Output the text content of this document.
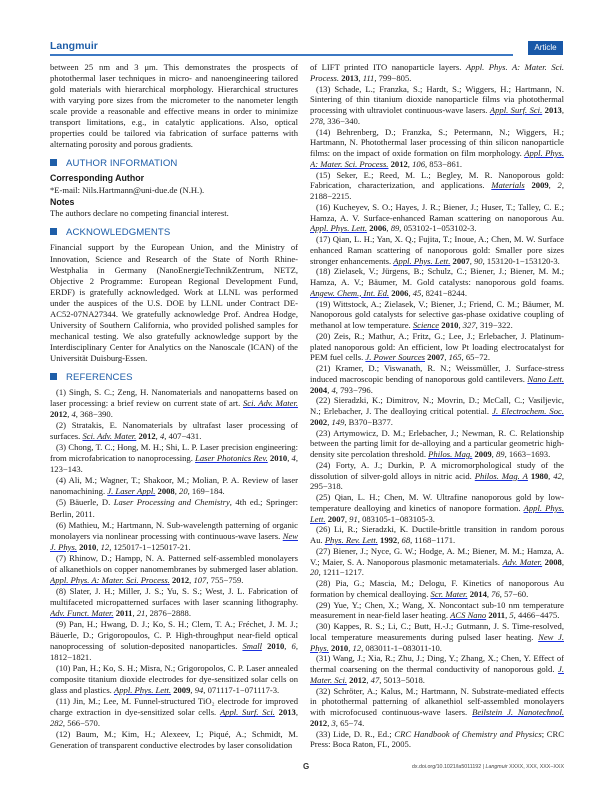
Langmuir	Article

between 25 nm and 3 μm. This demonstrates the prospects of photothermal laser techniques in micro- and nanoengineering tailored gold materials with hierarchical morphology. Hierarchical structures with varying pore sizes from the micrometer to the nanometer length scale provide a reasonable and effective means in order to minimize transport limitations, e.g., in catalytic applications. Also, optical properties could be tailored via fabrication of surface patterns with alternating porosity and porous gradients.

AUTHOR INFORMATION
Corresponding Author

*E-mail: Nils.Hartmann@uni-due.de (N.H.).

Notes

The authors declare no competing financial interest.

ACKNOWLEDGMENTS

Financial support by the European Union, and the Ministry of Innovation, Science and Research of the State of North Rhine-Westphalia in Germany (NanoEnergieTechnikZentrum, NETZ, Objective 2 Programme: European Regional Development Fund, ERDF) is gratefully acknowledged. Work at LLNL was performed under the auspices of the U.S. DOE by LLNL under Contract DE-AC52-07NA27344. We gratefully acknowledge Prof. Andrea Hodge, University of Southern California, who provided polished samples for mechanical testing. We also gratefully acknowledge support by the Interdisciplinary Center for Analytics on the Nanoscale (ICAN) of the Universität Duisburg-Essen.

REFERENCES

(1) Singh, S. C.; Zeng, H. Nanomaterials and nanopatterns based on laser processing: a brief review on current state of art. Sci. Adv. Mater. 2012, 4, 368−390.

(2) Stratakis, E. Nanomaterials by ultrafast laser processing of surfaces. Sci. Adv. Mater. 2012, 4, 407−431.

(3) Chong, T. C.; Hong, M. H.; Shi, L. P. Laser precision engineering: from microfabrication to nanoprocessing. Laser Photonics Rev. 2010, 4, 123−143.

(4) Ali, M.; Wagner, T.; Shakoor, M.; Molian, P. A. Review of laser nanomachining. J. Laser Appl. 2008, 20, 169−184.

(5) Bäuerle, D. Laser Processing and Chemistry, 4th ed.; Springer: Berlin, 2011.

(6) Mathieu, M.; Hartmann, N. Sub-wavelength patterning of organic monolayers via nonlinear processing with continuous-wave lasers. New J. Phys. 2010, 12, 125017-1−125017-21.

(7) Rhinow, D.; Hampp, N. A. Patterned self-assembled monolayers of alkanethiols on copper nanomembranes by submerged laser ablation. Appl. Phys. A: Mater. Sci. Process. 2012, 107, 755−759.

(8) Slater, J. H.; Miller, J. S.; Yu, S. S.; West, J. L. Fabrication of multifaceted micropatterned surfaces with laser scanning lithography. Adv. Funct. Mater. 2011, 21, 2876−2888.

(9) Pan, H.; Hwang, D. J.; Ko, S. H.; Clem, T. A.; Fréchet, J. M. J.; Bäuerle, D.; Grigoropoulos, C. P. High-throughput near-field optical nanoprocessing of solution-deposited nanoparticles. Small 2010, 6, 1812−1821.

(10) Pan, H.; Ko, S. H.; Misra, N.; Grigoropolos, C. P. Laser annealed composite titanium dioxide electrodes for dye-sensitized solar cells on glass and plastics. Appl. Phys. Lett. 2009, 94, 071117-1−071117-3.

(11) Jin, M.; Lee, M. Funnel-structured TiO₂ electrode for improved charge extraction in dye-sensitized solar cells. Appl. Surf. Sci. 2013, 282, 566−570.

(12) Baum, M.; Kim, H.; Alexeev, I.; Piqué, A.; Schmidt, M. Generation of transparent conductive electrodes by laser consolidation

of LIFT printed ITO nanoparticle layers. Appl. Phys. A: Mater. Sci. Process. 2013, 111, 799−805.

(13) Schade, L.; Franzka, S.; Hardt, S.; Wiggers, H.; Hartmann, N. Sintering of thin titanium dioxide nanoparticle films via photothermal processing with ultraviolet continuous-wave lasers. Appl. Surf. Sci. 2013, 278, 336−340.

(14) Behrenberg, D.; Franzka, S.; Petermann, N.; Wiggers, H.; Hartmann, N. Photothermal laser processing of thin silicon nanoparticle films: on the impact of oxide formation on film morphology. Appl. Phys. A: Mater. Sci. Process. 2012, 106, 853−861.

(15) Seker, E.; Reed, M. L.; Begley, M. R. Nanoporous gold: Fabrication, characterization, and applications. Materials 2009, 2, 2188−2215.

(16) Kucheyev, S. O.; Hayes, J. R.; Biener, J.; Huser, T.; Talley, C. E.; Hamza, A. V. Surface-enhanced Raman scattering on nanoporous Au. Appl. Phys. Lett. 2006, 89, 053102-1−053102-3.

(17) Qian, L. H.; Yan, X. Q.; Fujita, T.; Inoue, A.; Chen, M. W. Surface enhanced Raman scattering of nanoporous gold: Smaller pore sizes stronger enhancements. Appl. Phys. Lett. 2007, 90, 153120-1−153120-3.

(18) Zielasek, V.; Jürgens, B.; Schulz, C.; Biener, J.; Biener, M. M.; Hamza, A. V.; Bäumer, M. Gold catalysts: nanoporous gold foams. Angew. Chem., Int. Ed. 2006, 45, 8241−8244.

(19) Wittstock, A.; Zielasek, V.; Biener, J.; Friend, C. M.; Bäumer, M. Nanoporous gold catalysts for selective gas-phase oxidative coupling of methanol at low temperature. Science 2010, 327, 319−322.

(20) Zeis, R.; Mathur, A.; Fritz, G.; Lee, J.; Erlebacher, J. Platinum-plated nanoporous gold: An efficient, low Pt loading electrocatalyst for PEM fuel cells. J. Power Sources 2007, 165, 65−72.

(21) Kramer, D.; Viswanath, R. N.; Weissmüller, J. Surface-stress induced macroscopic bending of nanoporous gold cantilevers. Nano Lett. 2004, 4, 793−796.

(22) Sieradzki, K.; Dimitrov, N.; Movrin, D.; McCall, C.; Vasiljevic, N.; Erlebacher, J. The dealloying critical potential. J. Electrochem. Soc. 2002, 149, B370−B377.

(23) Artymowicz, D. M.; Erlebacher, J.; Newman, R. C. Relationship between the parting limit for de-alloying and a particular geometric high-density site percolation threshold. Philos. Mag. 2009, 89, 1663−1693.

(24) Forty, A. J.; Durkin, P. A micromorphological study of the dissolution of silver-gold alloys in nitric acid. Philos. Mag. A 1980, 42, 295−318.

(25) Qian, L. H.; Chen, M. W. Ultrafine nanoporous gold by low-temperature dealloying and kinetics of nanopore formation. Appl. Phys. Lett. 2007, 91, 083105-1−083105-3.

(26) Li, R.; Sieradzki, K. Ductile-brittle transition in random porous Au. Phys. Rev. Lett. 1992, 68, 1168−1171.

(27) Biener, J.; Nyce, G. W.; Hodge, A. M.; Biener, M. M.; Hamza, A. V.; Maier, S. A. Nanoporous plasmonic metamaterials. Adv. Mater. 2008, 20, 1211−1217.

(28) Pia, G.; Mascia, M.; Delogu, F. Kinetics of nanoporous Au formation by chemical dealloying. Scr. Mater. 2014, 76, 57−60.

(29) Yue, Y.; Chen, X.; Wang, X. Noncontact sub-10 nm temperature measurement in near-field laser heating. ACS Nano 2011, 5, 4466−4475.

(30) Kappes, R. S.; Li, C.; Butt, H.-J.; Gutmann, J. S. Time-resolved, local temperature measurements during pulsed laser heating. New J. Phys. 2010, 12, 083011-1−083011-10.

(31) Wang, J.; Xia, R.; Zhu, J.; Ding, Y.; Zhang, X.; Chen, Y. Effect of thermal coarsening on the thermal conductivity of nanoporous gold. J. Mater. Sci. 2012, 47, 5013−5018.

(32) Schröter, A.; Kalus, M.; Hartmann, N. Substrate-mediated effects in photothermal patterning of alkanethiol self-assembled monolayers with microfocused continuous-wave lasers. Beilstein J. Nanotechnol. 2012, 3, 65−74.

(33) Lide, D. R., Ed.; CRC Handbook of Chemistry and Physics; CRC Press: Boca Raton, FL, 2005.

G	dx.doi.org/10.1021/la5011192 | Langmuir XXXX, XXX, XXX−XXX
